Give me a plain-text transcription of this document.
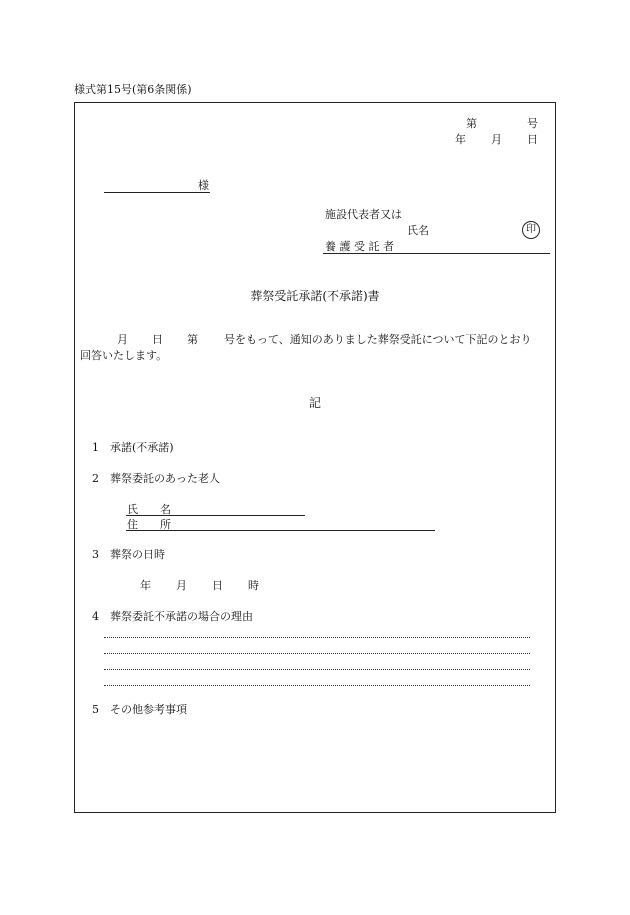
様式第15号(第6条関係)
第	号
年 月 日
様
施設代表者又は
氏名	印
養 護 受 託 者
葬祭受託承諾(不承諾)書
月 日 第 号をもって、通知のありました葬祭受託について下記のとおり
回答いたします。
記
1 承諾(不承諾)
2 葬祭委託のあった老人
氏　　名
住　　所
3 葬祭の日時
年 月 日 時
4 葬祭委託不承諾の場合の理由
5 その他参考事項
